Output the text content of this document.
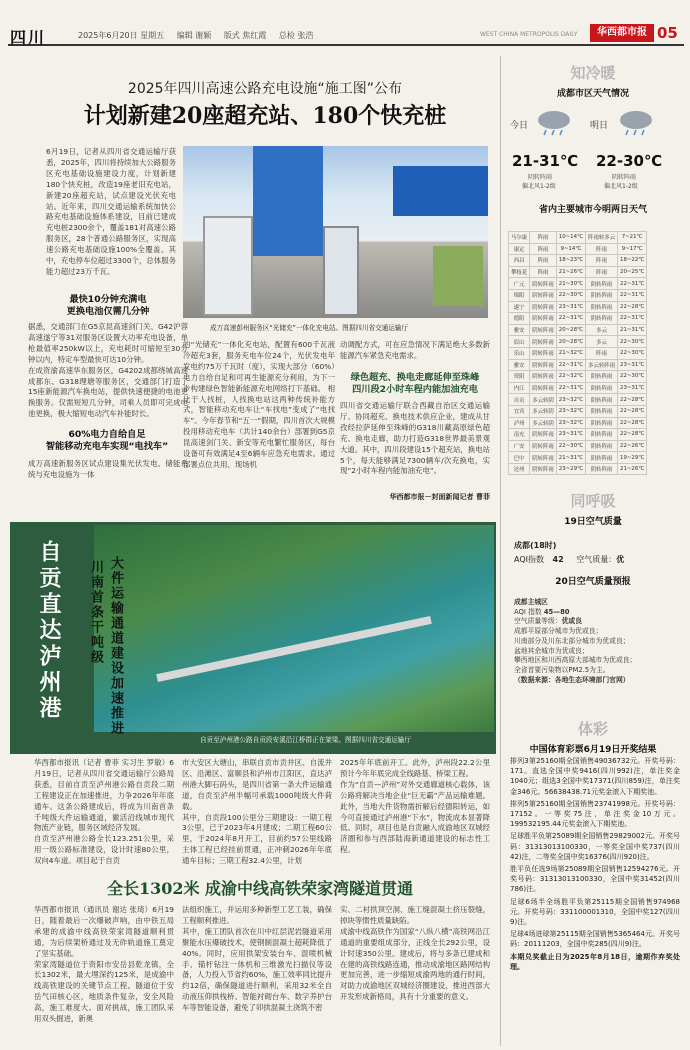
四川	2025年6月20日 星期五 编辑 谢颖 版式 焦红霞 总检 张浩	WEST CHINA METROPOLIS DAILY	华西都市报 05
2025年四川高速公路充电设施“施工图”公布
计划新建20座超充站、180个快充桩
6月19日，记者从四川省交通运输厅获悉，2025年，四川将持续加大公路服务区充电基础设施建设力度，计划新建180个快充桩，改造19座老旧充电站，新建20座超充站，试点建设光伏充电站。近年来，四川交通运输系统加快公路充电基础设施体系建设，目前已建成充电桩2300余个，覆盖181对高速公路服务区，28个普通公路服务区，实现高速公路充电基础设施100%全覆盖。其中，充电停车位超过3300个，总体服务能力超过23万千瓦。
最快10分钟充满电
更换电池仅需几分钟
据悉，交通部门在G5京昆高速剑门关、G42沪蓉高速遂宁等31对服务区设置大功率充电设备，单枪最值率250kW以上，充电耗时可缩短至30分钟以内，特定车型最快可达10分钟。
在成资渝高速华东服务区，G4202成都绕城高速成都东、G318理塘等服务区，交通部门打造了15座新能源汽车换电站，提供快速便捷的电池更换服务。仅需短短几分钟，司乘人员即可完成电池更换，极大缩短电动汽车补能时长。
60%电力自给自足
智能移动充电车实现“电找车”
成万高速新服务区试点建设集光伏发电、储能系统与充电设施为一体
成万高速彭州服务区“光储充”一体化充电站。图据四川省交通运输厅
的“光储充”一体化充电站，配置有600千瓦液冷超充3套，服务充电车位24个，光伏发电年发电约75万千瓦时（度），实现大部分（60%）电力自给自足和可再生能源充分利用，为下一步构建绿色智能新能源充电网络打下基础。 相比于人找桩，人找换电站这两种传统补能方式，智能移动充电车让“车找电”变成了“电找车”。今年春节和“五一”假期，四川首次大规模投用移动充电车（共计140余台）部署到G5京昆高速剑门关、新安等充电繁忙服务区，每台设备可有效满足4至6辆车应急充电需求。通过部署点位共用、现场机
动调配方式，可在应急情况下满足绝大多数新能源汽车紧急充电需求。
绿色超充、换电走廊延伸至珠峰
四川段2小时车程内能加油充电
四川省交通运输厅联合西藏自治区交通运输厅、协同超充、换电技术供应企业，建成从甘孜经拉萨延伸至珠峰的G318川藏高原绿色超充、换电走廊，助力打造G318世界最美景观大道。其中，四川段建设15个超充站，换电站5个，每天能够满足7300辆车/次充换电，实现“2小时车程内能加油充电”。
华西都市报－封面新闻记者 曹菲
自贡直达泸州港	大件运输通道建设加速推进
川南首条干吨级
自贡至泸州港公路自贡段安溪沿江桥群正在架梁。图据四川省交通运输厅
华西都市报讯（记者 曹菲 实习生 罗敏）6月19日，记者从四川省交通运输厅公路局获悉，目前自贡至泸州港公路自贡段二期工程建设正在加速推进，力争2026年年底通车。这条公路建成后，将成为川南首条千吨级大件运输通道，徽活沿线城市现代物流产业链，服务区域经济发展。
自贡至泸州港公路全长123.251公里，采用一级公路标准建设，设计时速80公里，双向4车道。项目起于自贡
市大安区大塘山，串联自贡市贡井区、自流井区、沿滩区、富顺县和泸州市江阳区，直达泸州港大脚石码头，是四川省第一条大件运输通道，自贡至泸州半幅可承载1000吨级大件荷载。
其中，自贡段100公里分三期建设：一期工程3公里，已于2023年4月建成；二期工程60公里，于2024年8月开工，目前约57公里线路主体工程已经挂前贯通，正冲刺2026年年底通车目标；三期工程32.4公里，计划
2025年年底前开工。此外，泸州段22.2公里预计今年年底完成全线路基、桥梁工程。
作为“自贡—泸州”对外交通廊道核心载体，该公路将解决当地企业“巨无霸”产品运输难题。此外，当地大件货物需折解后经德阳转运，如今可直接通过泸州港“下水”，物流成本显著降低。同时，项目也是自贡融入成渝地区双城经济圈和参与西部陆海新通道建设的标志性工程。
全长1302米 成渝中线高铁荣家湾隧道贯通
华西都市报讯（通讯员 谢达 张琦）6月19日，随着最后一次爆破声响，由中铁五局承建的成渝中线高铁荣家湾隧道顺利贯通，为后续架桥通过及无砟轨道施工奠定了坚实基础。
荣家湾隧道位于资阳市安岳县乾龙镇，全长1302米，最大埋深约125米，是成渝中线高铁建设的关键节点工程。隧道位于安岳气田核心区，地质条件复杂，安全风险高，施工难度大。面对挑战，施工团队采用双头掘进，新奥
法组织施工，并运用多种新型工艺工装，确保工程顺利推进。
其中，施工团队首次在川中红层泥岩隧道采用聚能水压爆破技术，使钢制混凝土超耗降低了40%。同时，应用拱架安装台车、混喷机械手、锚杆钻注一体机和三维激光扫描仪等设备，人力投入节省约60%，施工效率同比提升约12倍，确保隧道进行顺利，采用32米全自动液压仰拱栈桥、智能衬砌台车、数字养护台车等智能设备，避免了卯拱混凝土浇筑不密
实、二衬拱顶空洞、施工缝混凝土挤压裂缝，掉块等惯性质量缺陷。
成渝中线高铁作为国家“八纵八横”高铁网沿江通道的重要组成部分，正线全长292公里，设计时速350公里。建成后，将与多条已建成和在建的高铁线路连通，推动成渝地区路网结构更加完善，进一步缩短成渝两地的通行时间，对助力成渝地区双城经济圈建设，推进西部大开发形成新格局，具有十分重要的意义。
知冷暖
成都市区天气情况
今日
21-31℃
阴转阵雨
偏北风1-2级
明日
22-30℃
阴转阵雨
偏北风1-2级
省内主要城市今明两日天气
马尔康	阵雨	10~14℃	阵雨转多云	7~21℃
康定	阵雨	9~14℃	阵雨	9~17℃
西昌	阵雨	18~23℃	阵雨	18~22℃
攀枝花	阵雨	21~26℃	阵雨	20~25℃
广元	阴转阵雨	21~30℃	阴转阵雨	22~31℃
绵阳	阴转阵雨	22~30℃	阴转阵雨	22~31℃
遂宁	阴转阵雨	23~31℃	阴转阵雨	22~28℃
德阳	阴转阵雨	22~31℃	阴转阵雨	22~31℃
雅安	阴转阵雨	20~28℃	多云	21~31℃
眉山	阴转阵雨	20~28℃	多云	22~30℃
乐山	阴转阵雨	21~32℃	阵雨	22~30℃
雅安	阴转阵雨	22~31℃	多云转阵雨	23~31℃
资阳	阴转阵雨	22~32℃	阴转阵雨	22~30℃
内江	阴转阵雨	22~31℃	阴转阵雨	23~31℃
自贡	多云转阴	23~32℃	阴转阵雨	22~28℃
宜宾	多云转阴	23~32℃	阴转阵雨	22~28℃
泸州	多云转阴	23~32℃	阴转阵雨	22~28℃
南充	阴转阵雨	23~31℃	阴转阵雨	22~28℃
广安	阴转阵雨	22~30℃	阴转阵雨	22~26℃
巴中	阴转阵雨	21~31℃	阴转阵雨	19~29℃
达州	阴转阵雨	23~29℃	阴转阵雨	21~26℃
同呼吸
19日空气质量
成都(18时)
AQI指数 42 空气质量：优
20日空气质量预报
成都主城区
AQI 指数 45—80
空气质量等级：优或良
成都平原部分城市为优或良；
川南部分及川东北部分城市为优或良；
盆地其余城市为优或良；
攀西地区和川西高原大部城市为优或良；
全省首要污染物以PM2.5为主。
（数据来源：各地生态环境部门官网）
体彩
中国体育彩票6月19日开奖结果
排列3第25160期全国销售49036732元。开奖号码：171。直选全国中奖9416(四川992)注，单注奖金1040元；组选3全国中奖17371(四川859)注，单注奖金346元。56638438.71元奖金滚入下期奖池。
排列5第25160期全国销售23741998元。开奖号码：17152。一等奖75注，单注奖金10万元。199532195.44元奖金滚入下期奖池。
足球胜平负第25089期全国销售29829002元。开奖号码：31313013100330，一等奖全国中奖737(四川42)注，二等奖全国中奖16376(四川920)注。
胜平负任选9场第25089期全国销售12594276元。开奖号码：31313013100330，全国中奖31452(四川786)注。
足球6场半全场胜平负第25115期全国销售974968元。开奖号码：331100001310，全国中奖127(四川9)注。
足球4场进球第25115期全国销售5365464元。开奖号码：20111203，全国中奖285(四川9)注。
本期兑奖截止日为2025年8月18日，逾期作弃奖处理。
